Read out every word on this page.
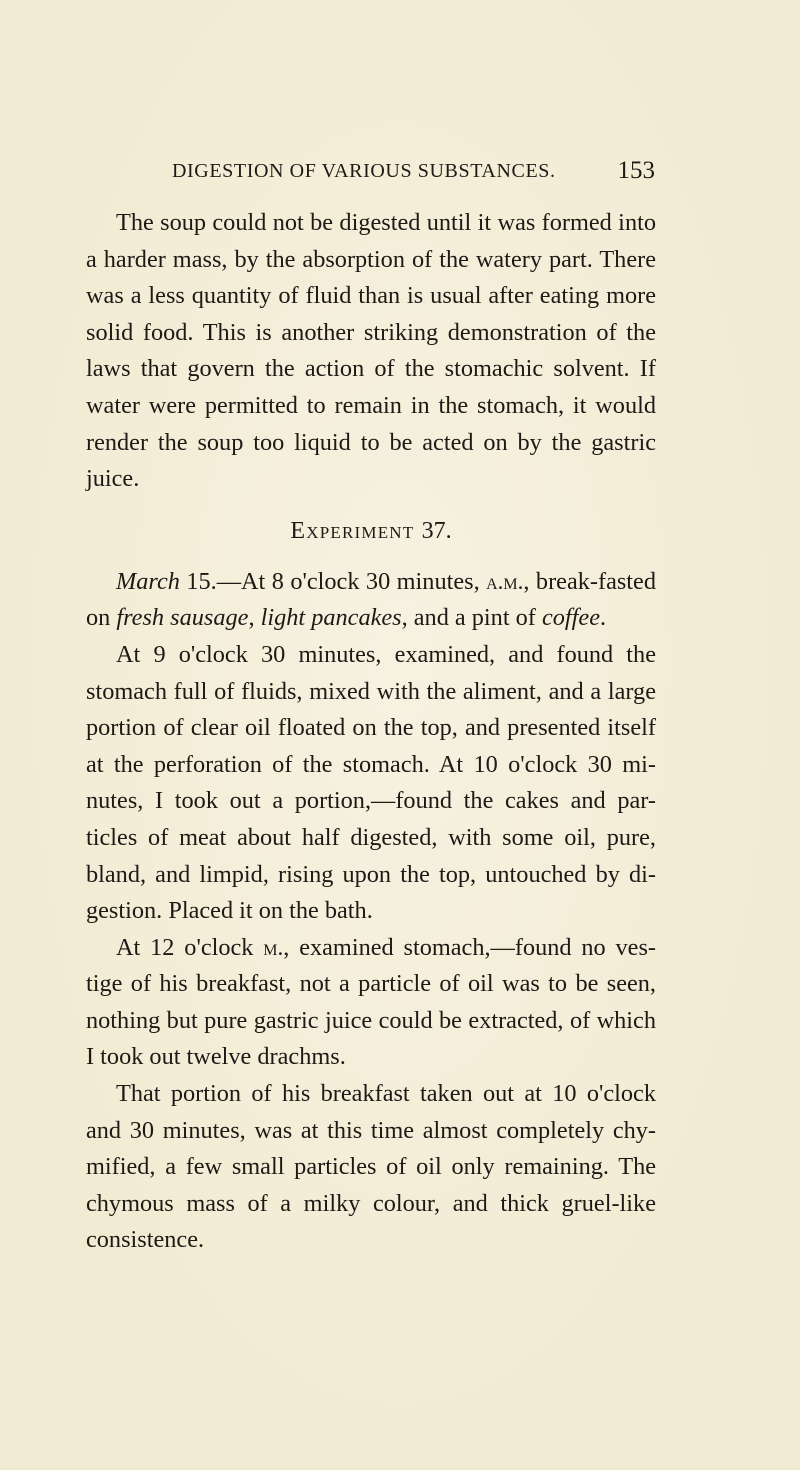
DIGESTION OF VARIOUS SUBSTANCES. 153

The soup could not be digested until it was formed into a harder mass, by the absorption of the watery part. There was a less quantity of fluid than is usual after eating more solid food. This is another striking demonstration of the laws that govern the action of the stomachic solvent. If water were permitted to remain in the stomach, it would render the soup too liquid to be acted on by the gastric juice.

Experiment 37.

March 15.—At 8 o'clock 30 minutes, a.m., break-fasted on fresh sausage, light pancakes, and a pint of coffee.

At 9 o'clock 30 minutes, examined, and found the stomach full of fluids, mixed with the aliment, and a large portion of clear oil floated on the top, and presented itself at the perforation of the stomach. At 10 o'clock 30 mi-nutes, I took out a portion,—found the cakes and par-ticles of meat about half digested, with some oil, pure, bland, and limpid, rising upon the top, untouched by di-gestion. Placed it on the bath.

At 12 o'clock m., examined stomach,—found no ves-tige of his breakfast, not a particle of oil was to be seen, nothing but pure gastric juice could be extracted, of which I took out twelve drachms.

That portion of his breakfast taken out at 10 o'clock and 30 minutes, was at this time almost completely chy-mified, a few small particles of oil only remaining. The chymous mass of a milky colour, and thick gruel-like consistence.
